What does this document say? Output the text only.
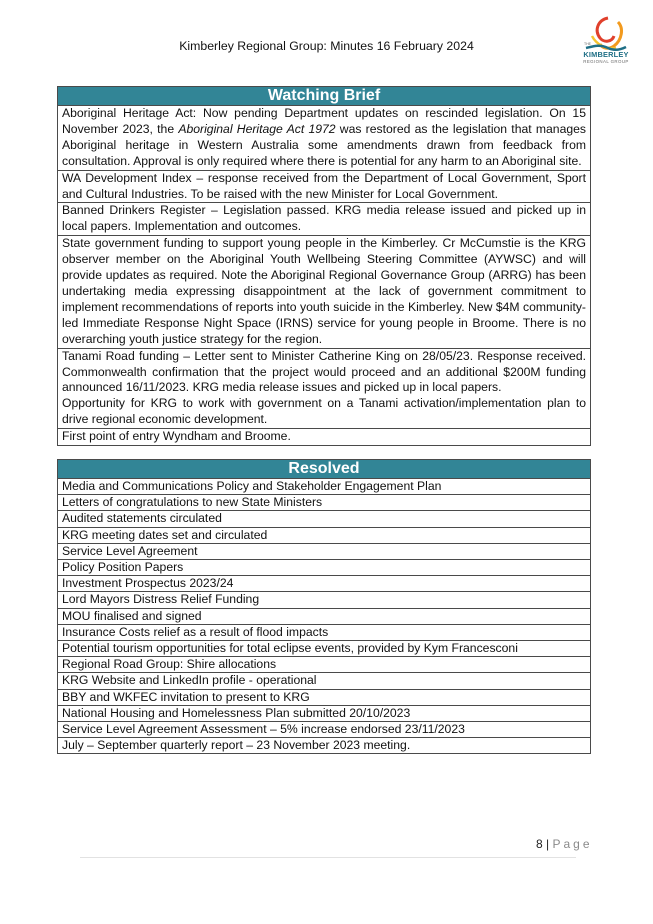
Kimberley Regional Group: Minutes 16 February 2024	THE
KIMBERLEY
REGIONAL GROUP
Watching Brief
Aboriginal Heritage Act: Now pending Department updates on rescinded legislation. On 15 November 2023, the Aboriginal Heritage Act 1972 was restored as the legislation that manages Aboriginal heritage in Western Australia some amendments drawn from feedback from consultation. Approval is only required where there is potential for any harm to an Aboriginal site.
WA Development Index – response received from the Department of Local Government, Sport and Cultural Industries. To be raised with the new Minister for Local Government.
Banned Drinkers Register – Legislation passed. KRG media release issued and picked up in local papers. Implementation and outcomes.
State government funding to support young people in the Kimberley. Cr McCumstie is the KRG observer member on the Aboriginal Youth Wellbeing Steering Committee (AYWSC) and will provide updates as required. Note the Aboriginal Regional Governance Group (ARRG) has been undertaking media expressing disappointment at the lack of government commitment to implement recommendations of reports into youth suicide in the Kimberley. New $4M community-led Immediate Response Night Space (IRNS) service for young people in Broome. There is no overarching youth justice strategy for the region.

Tanami Road funding – Letter sent to Minister Catherine King on 28/05/23. Response received. Commonwealth confirmation that the project would proceed and an additional $200M funding announced 16/11/2023. KRG media release issues and picked up in local papers.
Opportunity for KRG to work with government on a Tanami activation/implementation plan to drive regional economic development.

First point of entry Wyndham and Broome.
Resolved
Media and Communications Policy and Stakeholder Engagement Plan
Letters of congratulations to new State Ministers
Audited statements circulated
KRG meeting dates set and circulated
Service Level Agreement
Policy Position Papers
Investment Prospectus 2023/24
Lord Mayors Distress Relief Funding
MOU finalised and signed
Insurance Costs relief as a result of flood impacts
Potential tourism opportunities for total eclipse events, provided by Kym Francesconi
Regional Road Group: Shire allocations
KRG Website and LinkedIn profile - operational
BBY and WKFEC invitation to present to KRG
National Housing and Homelessness Plan submitted 20/10/2023
Service Level Agreement Assessment – 5% increase endorsed 23/11/2023
July – September quarterly report – 23 November 2023 meeting.
8 | Page
